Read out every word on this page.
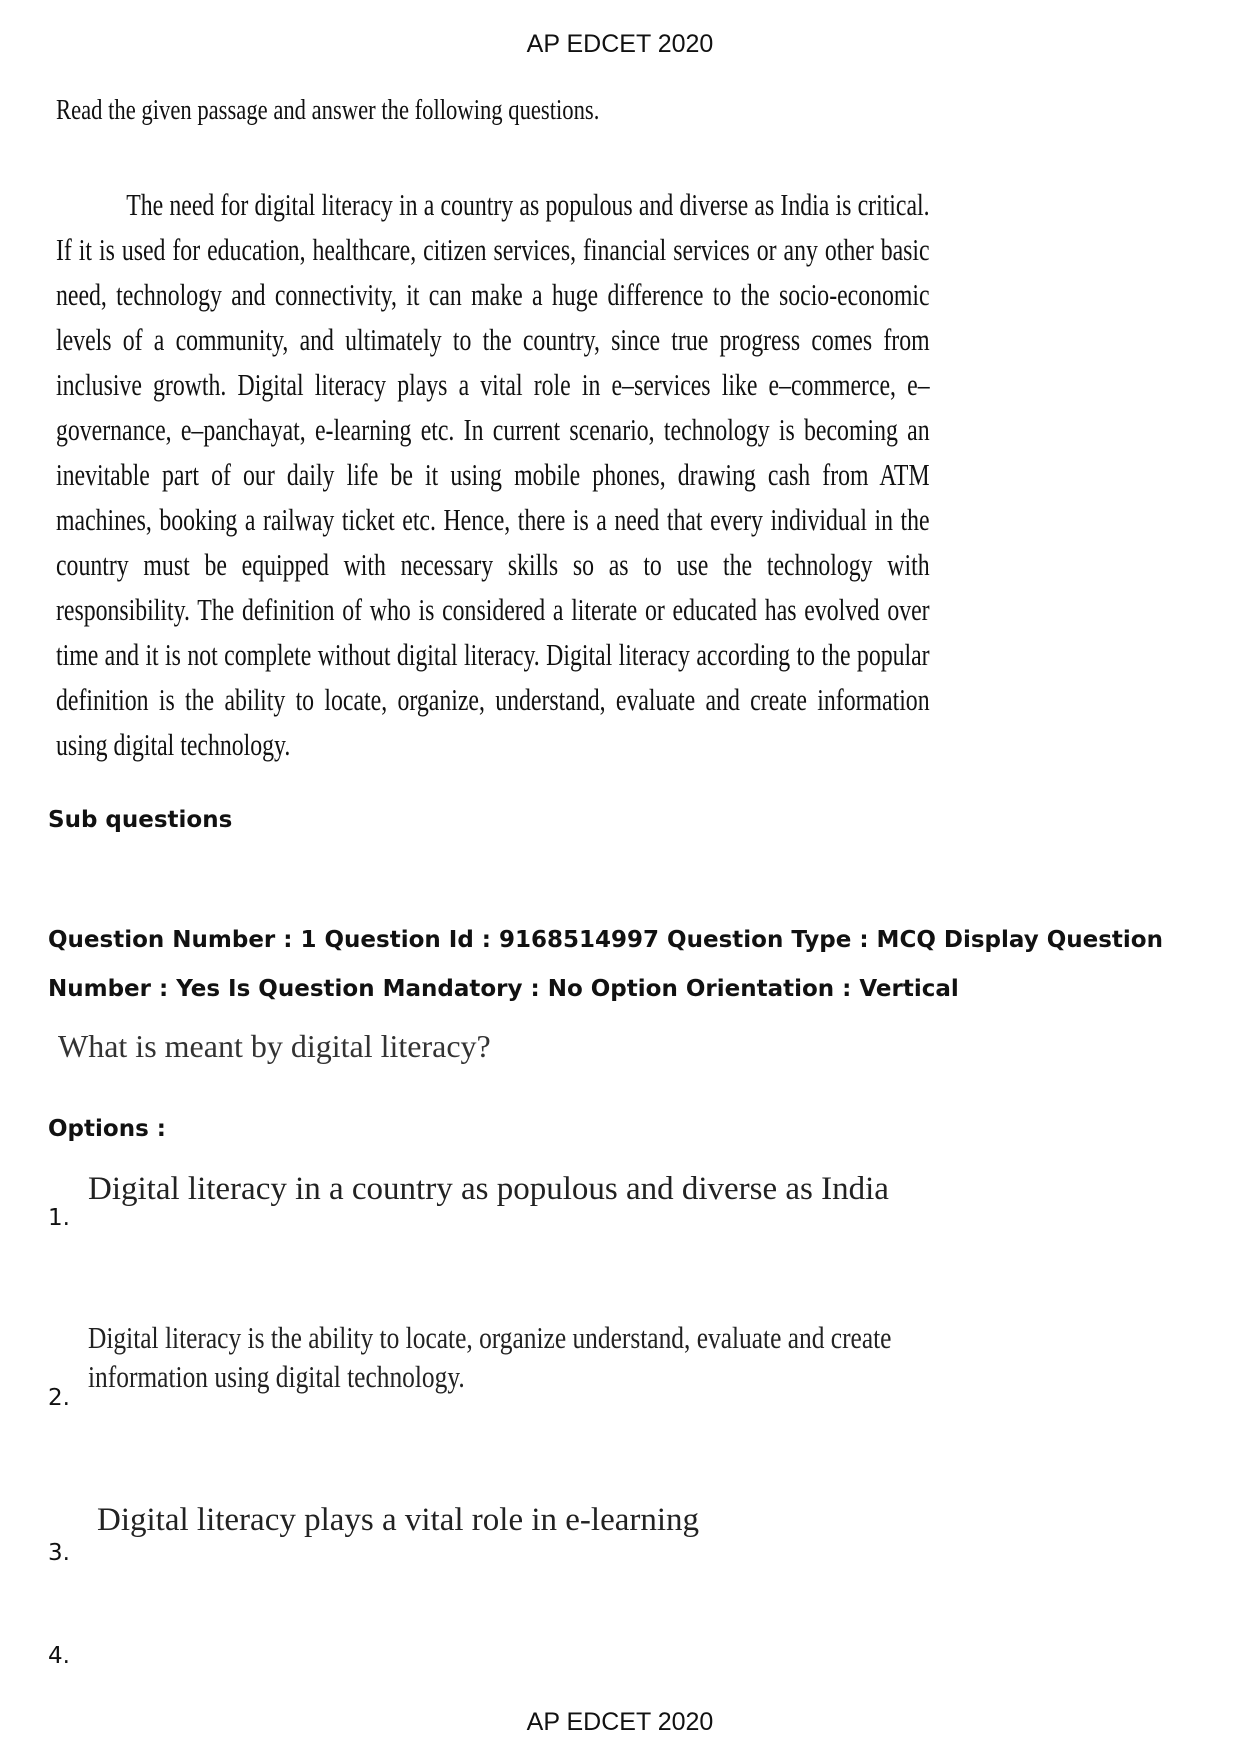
AP EDCET 2020
Read the given passage and answer the following questions.
The need for digital literacy in a country as populous and diverse as India is critical. If it is used for education, healthcare, citizen services, financial services or any other basic need, technology and connectivity, it can make a huge difference to the socio-economic levels of a community, and ultimately to the country, since true progress comes from inclusive growth. Digital literacy plays a vital role in e–services like e–commerce, e–governance, e–panchayat, e-learning etc. In current scenario, technology is becoming an inevitable part of our daily life be it using mobile phones, drawing cash from ATM machines, booking a railway ticket etc. Hence, there is a need that every individual in the country must be equipped with necessary skills so as to use the technology with responsibility. The definition of who is considered a literate or educated has evolved over time and it is not complete without digital literacy. Digital literacy according to the popular definition is the ability to locate, organize, understand, evaluate and create information using digital technology.
Sub questions
Question Number : 1 Question Id : 9168514997 Question Type : MCQ Display Question Number : Yes Is Question Mandatory : No Option Orientation : Vertical
What is meant by digital literacy?
Options :
1.
Digital literacy in a country as populous and diverse as India
2.
Digital literacy is the ability to locate, organize understand, evaluate and create information using digital technology.
3.
Digital literacy plays a vital role in e-learning
4.
AP EDCET 2020
